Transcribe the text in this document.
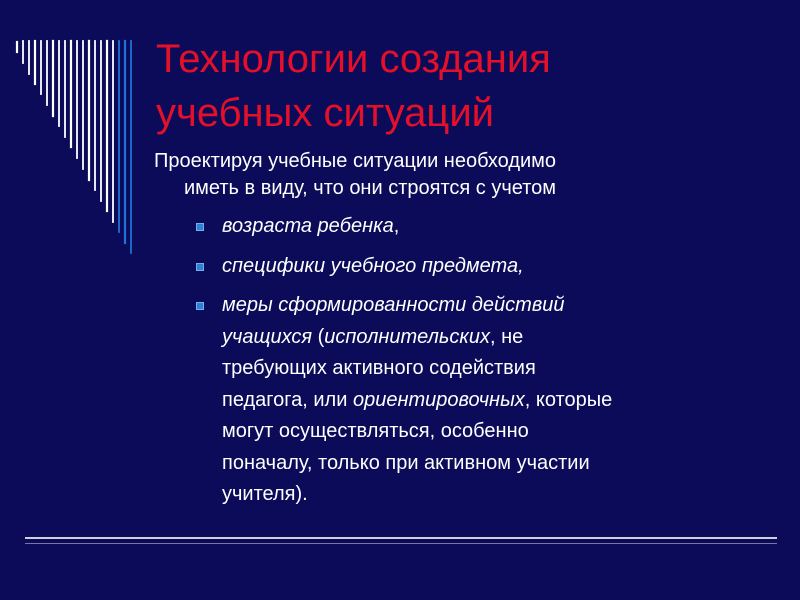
Технологии создания
учебных ситуаций
Проектируя учебные ситуации необходимо
иметь в виду, что они строятся с учетом
возраста ребенка,
специфики учебного предмета,
меры сформированности действий
учащихся (исполнительских, не
требующих активного содействия
педагога, или ориентировочных, которые
могут осуществляться, особенно
поначалу, только при активном участии
учителя).
